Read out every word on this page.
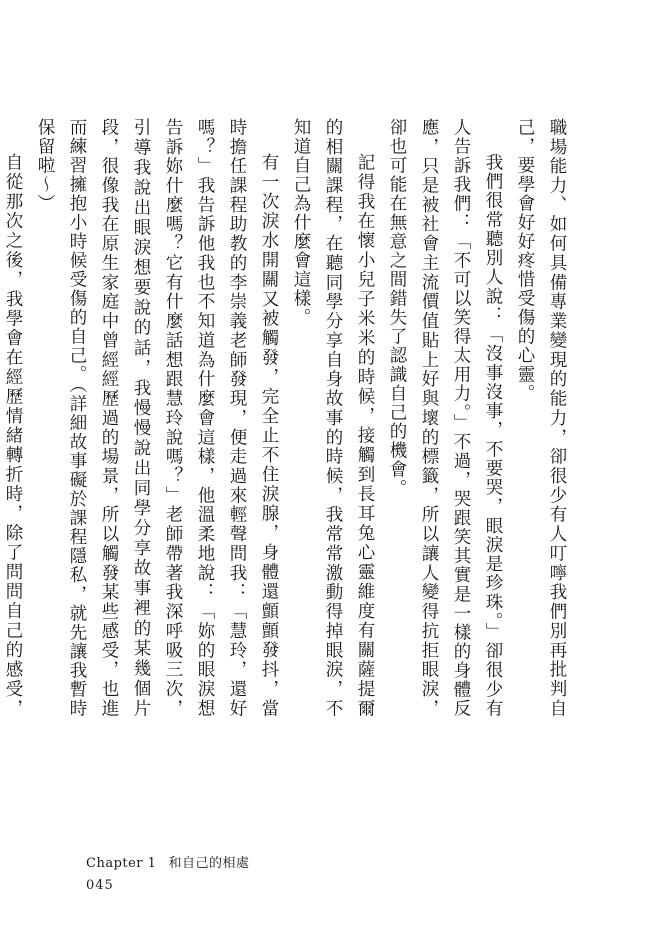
職場能力、如何具備專業變現的能力，卻很少有人叮嚀我們別再批判自己，要學會好好疼惜受傷的心靈。

我們很常聽別人說：「沒事沒事，不要哭，眼淚是珍珠。」卻很少有人告訴我們：「不可以笑得太用力。」不過，哭跟笑其實是一樣的身體反應，只是被社會主流價值貼上好與壞的標籤，所以讓人變得抗拒眼淚，卻也可能在無意之間錯失了認識自己的機會。

記得我在懷小兒子米米的時候，接觸到長耳兔心靈維度有關薩提爾的相關課程，在聽同學分享自身故事的時候，我常常激動得掉眼淚，不知道自己為什麼會這樣。

有一次淚水開關又被觸發，完全止不住淚腺，身體還顫顫發抖，當時擔任課程助教的李崇義老師發現，便走過來輕聲問我：「慧玲，還好嗎？」我告訴他我也不知道為什麼會這樣，他溫柔地說：「妳的眼淚想告訴妳什麼嗎？它有什麼話想跟慧玲說嗎？」老師帶著我深呼吸三次，引導我說出眼淚想要說的話，我慢慢說出同學分享故事裡的某幾個片段，很像我在原生家庭中曾經經歷過的場景，所以觸發某些感受，也進而練習擁抱小時候受傷的自己。（詳細故事礙於課程隱私，就先讓我暫時保留啦～）

自從那次之後，我學會在經歷情緒轉折時，除了問問自己的感受，

Chapter 1 和自己的相處
045
